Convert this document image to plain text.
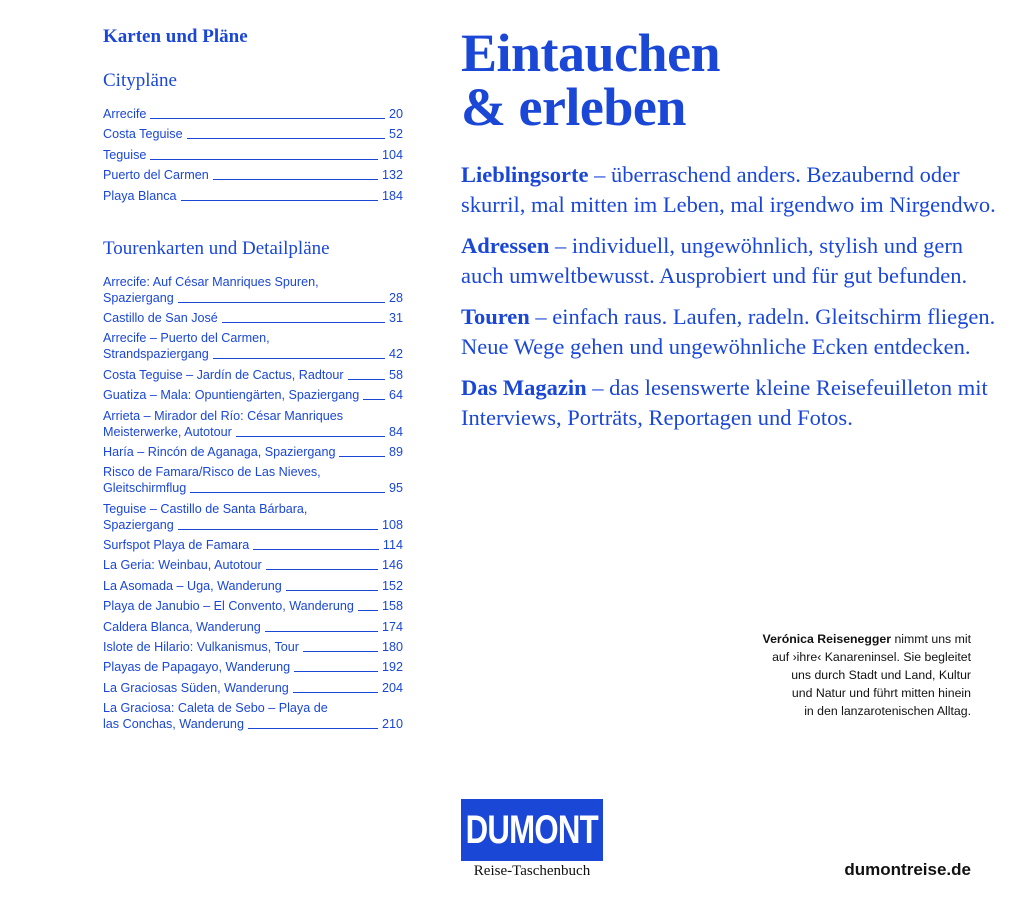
Karten und Pläne
Citypläne
Arrecife	20
Costa Teguise	52
Teguise	104
Puerto del Carmen	132
Playa Blanca	184
Tourenkarten und Detailpläne
Arrecife: Auf César Manriques Spuren,
Spaziergang	28
Castillo de San José	31
Arrecife – Puerto del Carmen,
Strandspaziergang	42
Costa Teguise – Jardín de Cactus, Radtour	58
Guatiza – Mala: Opuntiengärten, Spaziergang 64
Arrieta – Mirador del Río: César Manriques
Meisterwerke, Autotour	84
Haría – Rincón de Aganaga, Spaziergang	89
Risco de Famara/Risco de Las Nieves,
Gleitschirmflug	95
Teguise – Castillo de Santa Bárbara,
Spaziergang	108
Surfspot Playa de Famara	114
La Geria: Weinbau, Autotour	146
La Asomada – Uga, Wanderung	152
Playa de Janubio – El Convento, Wanderung 158
Caldera Blanca, Wanderung	174
Islote de Hilario: Vulkanismus, Tour	180
Playas de Papagayo, Wanderung	192
La Graciosas Süden, Wanderung	204
La Graciosa: Caleta de Sebo – Playa de
las Conchas, Wanderung	210
Eintauchen
& erleben

Lieblingsorte – überraschend anders. Bezaubernd oder skurril, mal mitten im Leben, mal irgendwo im Nirgendwo.

Adressen – individuell, ungewöhnlich, stylish und gern auch umweltbewusst. Ausprobiert und für gut befunden.

Touren – einfach raus. Laufen, radeln. Gleitschirm fliegen. Neue Wege gehen und ungewöhnliche Ecken entdecken.

Das Magazin – das lesenswerte kleine Reisefeuilleton mit Interviews, Porträts, Reportagen und Fotos.

Verónica Reisenegger nimmt uns mit
auf ›ihre‹ Kanareninsel. Sie begleitet
uns durch Stadt und Land, Kultur
und Natur und führt mitten hinein
in den lanzarotenischen Alltag.
DUMONT
Reise-Taschenbuch	dumontreise.de
